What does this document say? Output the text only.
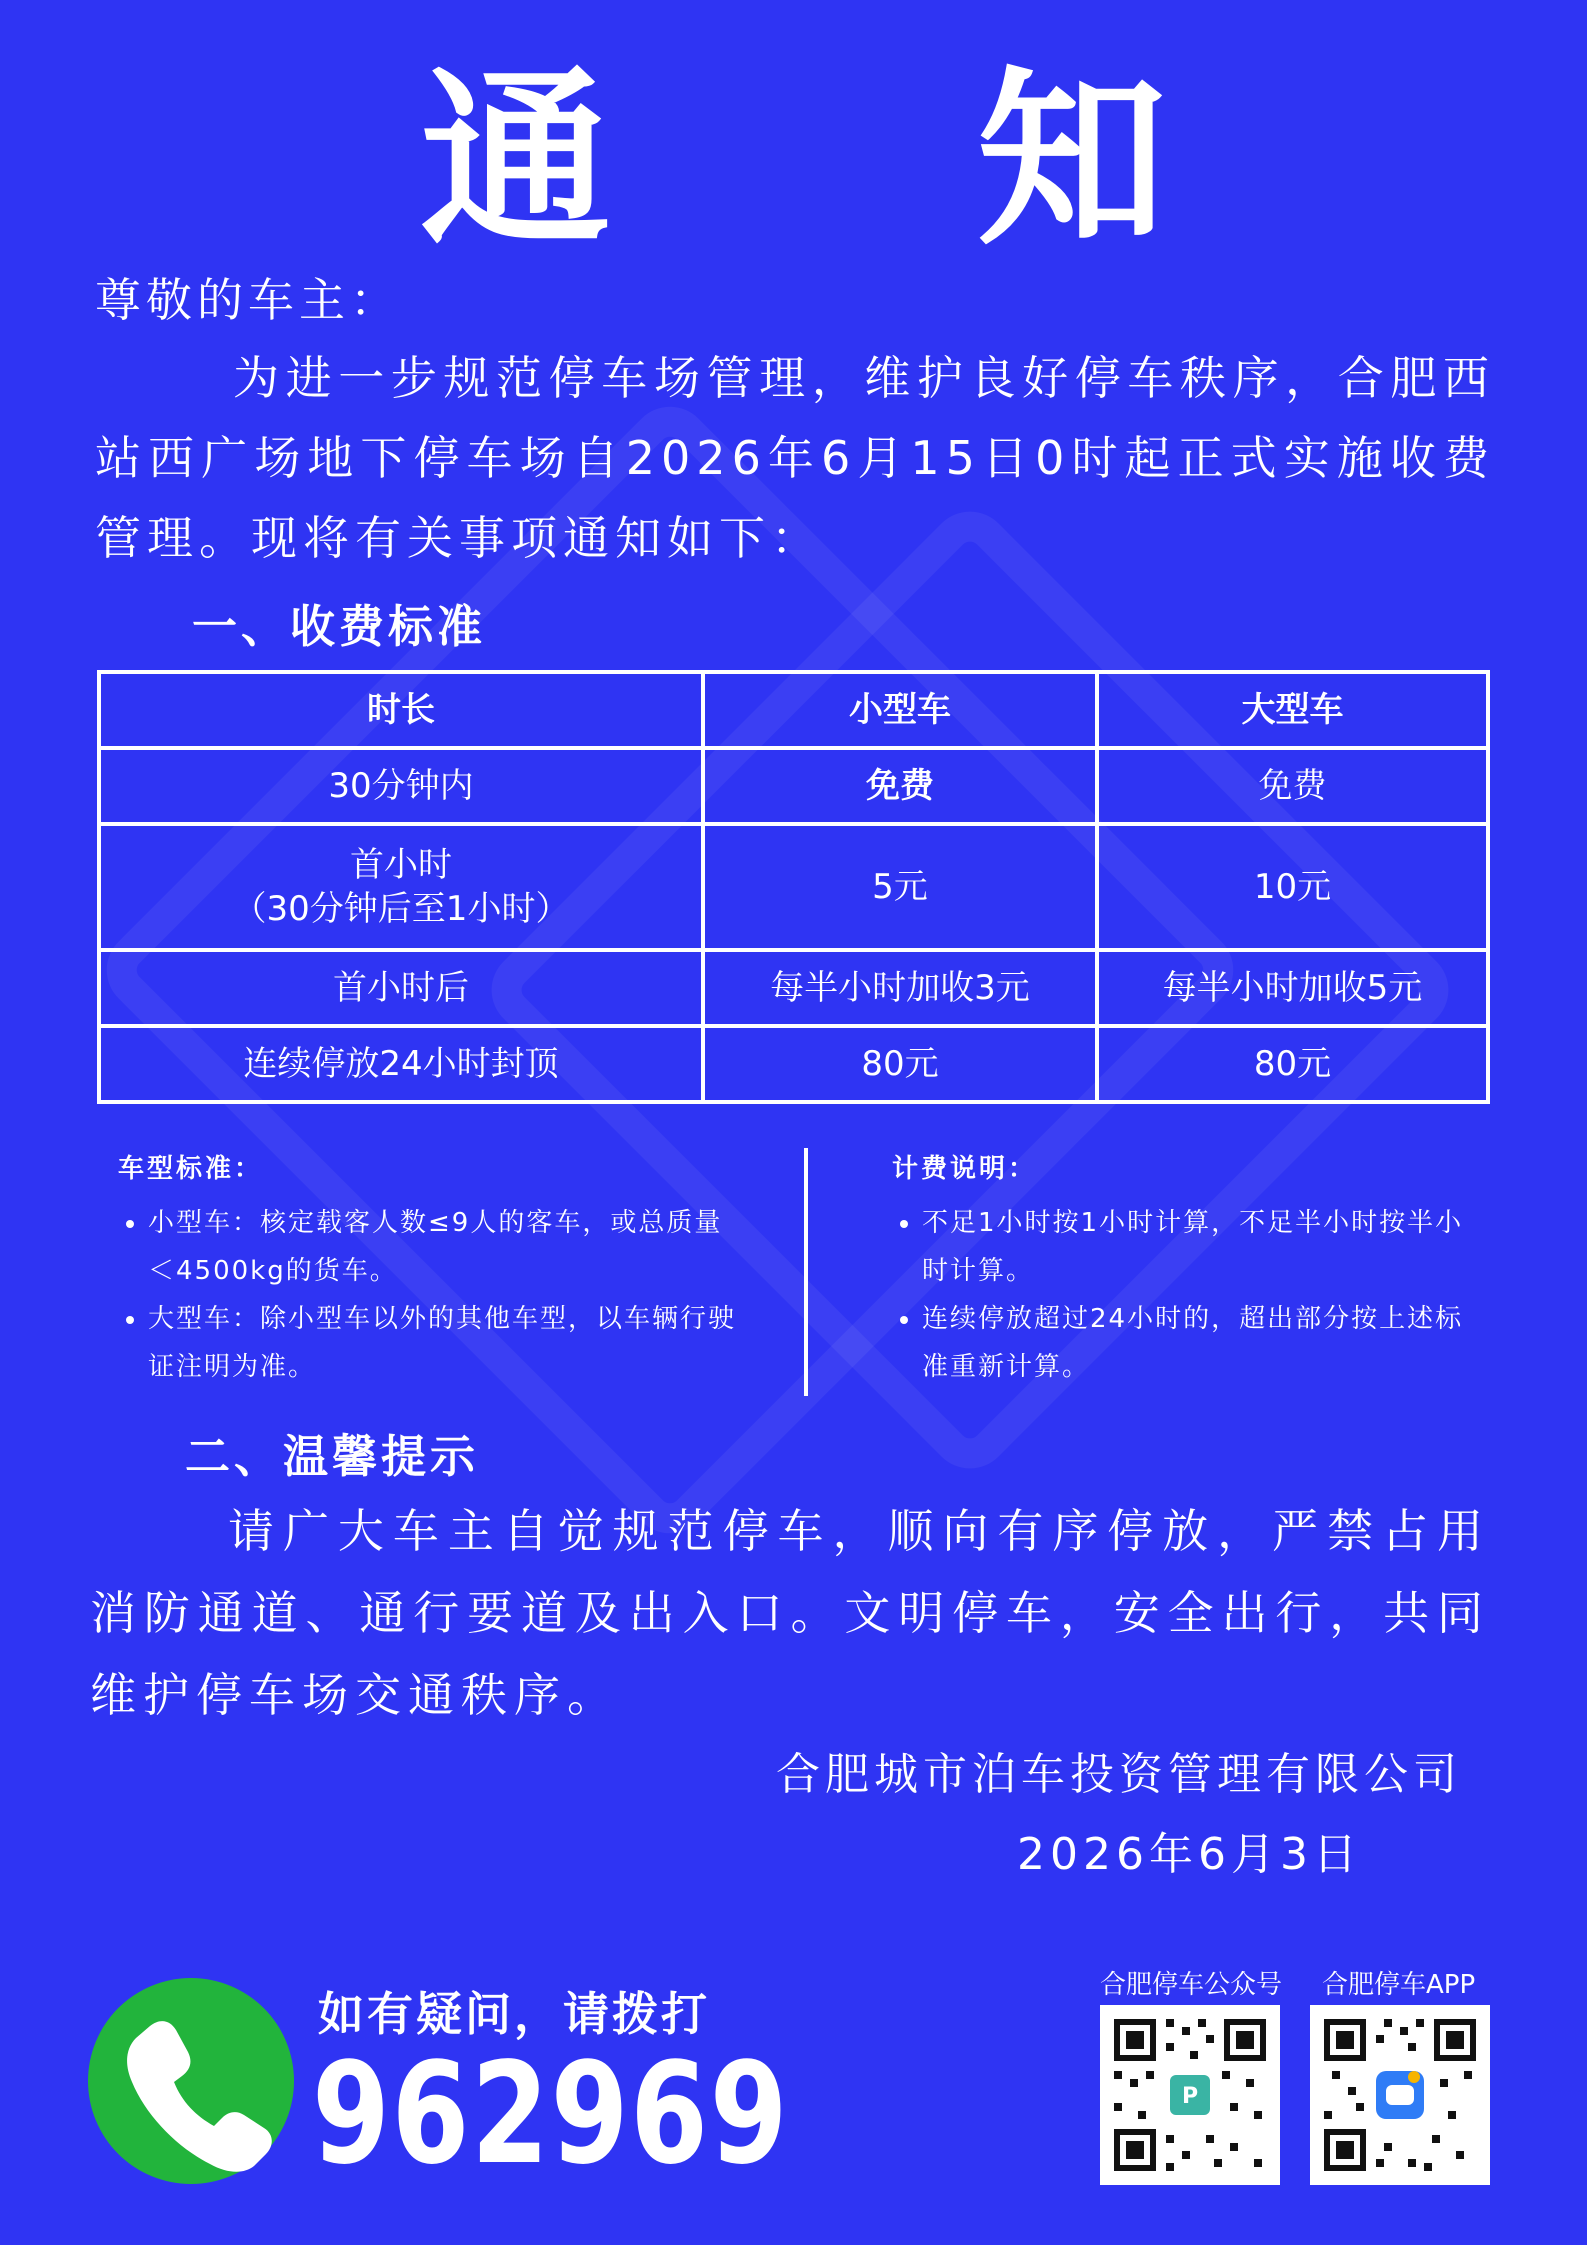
通 知
尊敬的车主：
为进一步规范停车场管理，维护良好停车秩序，合肥西站西广场地下停车场自2026年6月15日0时起正式实施收费管理。现将有关事项通知如下：
一、收费标准
时长	小型车	大型车
30分钟内	免费	免费

首小时
（30分钟后至1小时）	5元	10元
首小时后	每半小时加收3元	每半小时加收5元
连续停放24小时封顶	80元	80元
车型标准：
• 小型车：核定载客人数≤9人的客车，或总质量＜4500kg的货车。
• 大型车：除小型车以外的其他车型，以车辆行驶证注明为准。
计费说明：
• 不足1小时按1小时计算，不足半小时按半小时计算。
• 连续停放超过24小时的，超出部分按上述标准重新计算。
二、温馨提示
请广大车主自觉规范停车，顺向有序停放，严禁占用消防通道、通行要道及出入口。文明停车，安全出行，共同维护停车场交通秩序。
合肥城市泊车投资管理有限公司
2026年6月3日
如有疑问，请拨打
962969
合肥停车公众号 合肥停车APP
P
